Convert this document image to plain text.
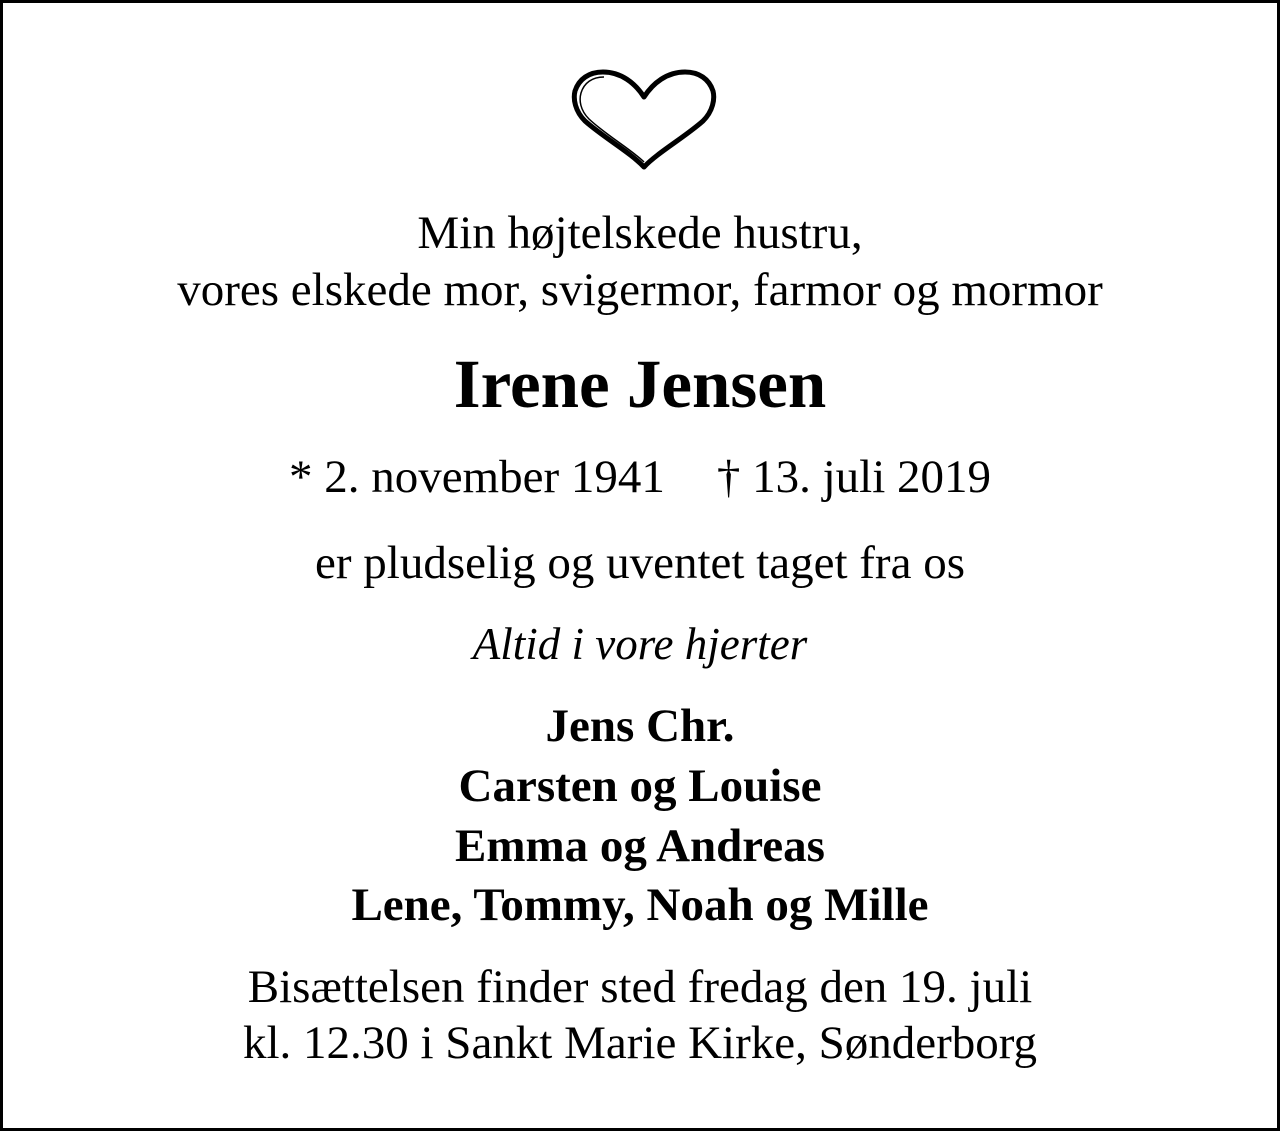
Min højtelskede hustru,
vores elskede mor, svigermor, farmor og mormor
Irene Jensen
* 2. november 1941 † 13. juli 2019
er pludselig og uventet taget fra os
Altid i vore hjerter
Jens Chr.
Carsten og Louise
Emma og Andreas
Lene, Tommy, Noah og Mille
Bisættelsen finder sted fredag den 19. juli
kl. 12.30 i Sankt Marie Kirke, Sønderborg
